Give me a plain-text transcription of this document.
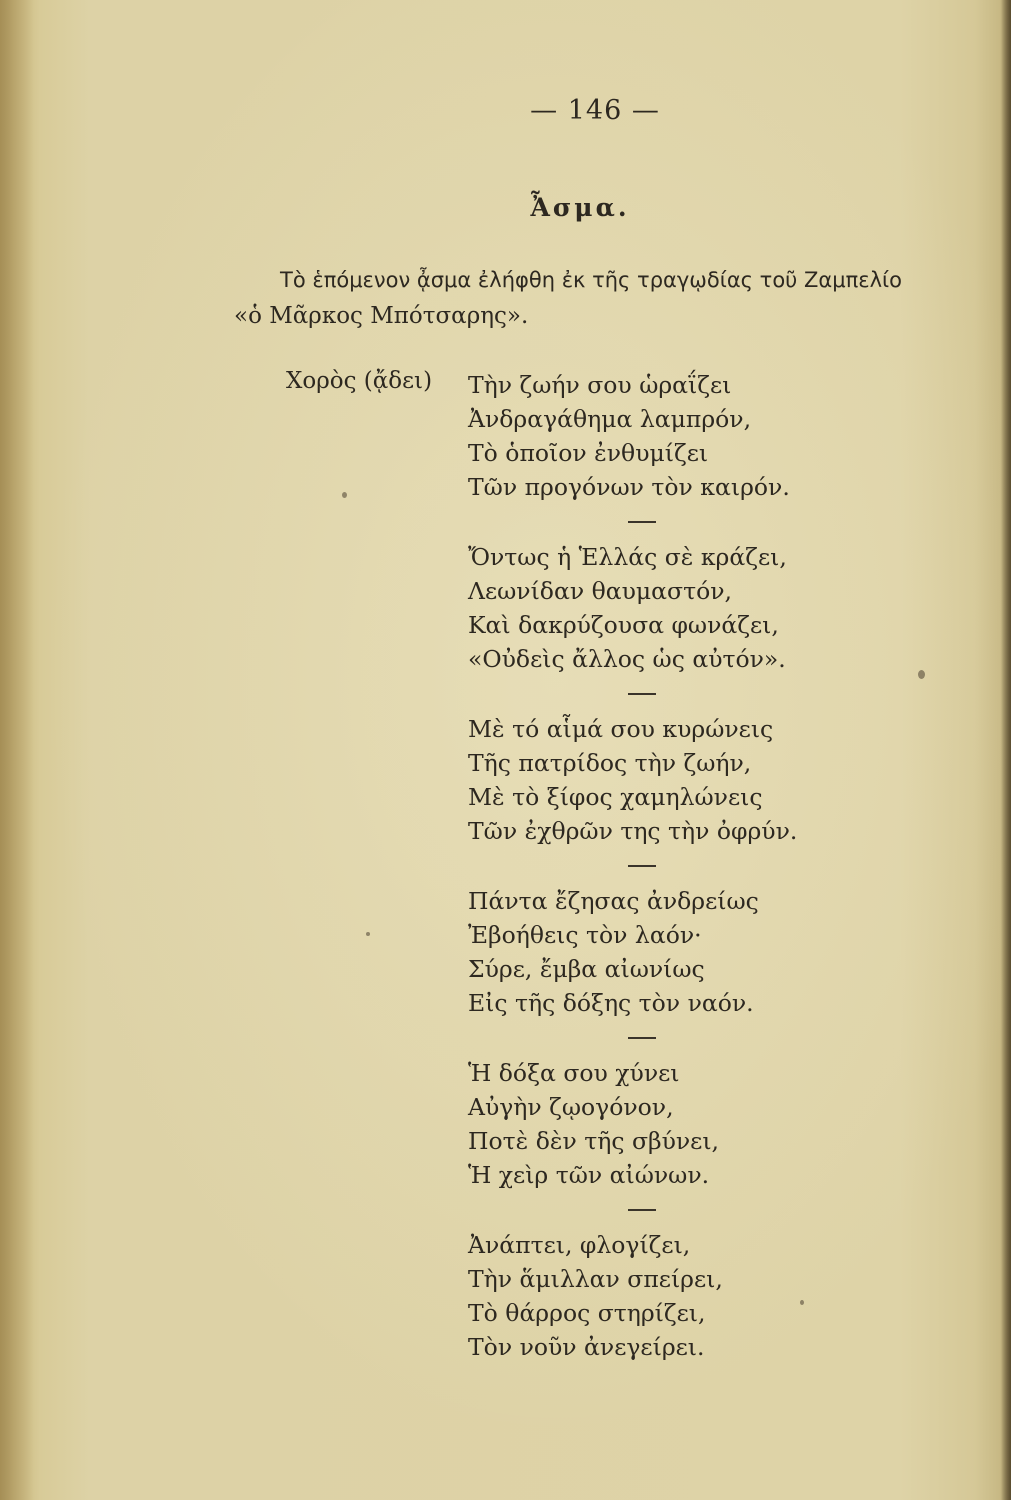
— 146 —
Ἆσμα.
Τὸ ἑπόμενον ᾆσμα ἐλήφθη ἐκ τῆς τραγῳδίας τοῦ Ζαμπελίο
«ὁ Μᾶρκος Μπότσαρης».
Χορὸς (ᾄδει) Τὴν ζωήν σου ὡραΐζει
Ἀνδραγάθημα λαμπρόν,
Τὸ ὁποῖον ἐνθυμίζει
Τῶν προγόνων τὸν καιρόν.
Ὄντως ἡ Ἑλλάς σὲ κράζει,
Λεωνίδαν θαυμαστόν,
Καὶ δακρύζουσα φωνάζει,
«Οὐδεὶς ἄλλος ὡς αὐτόν».
Μὲ τό αἷμά σου κυρώνεις
Τῆς πατρίδος τὴν ζωήν,
Μὲ τὸ ξίφος χαμηλώνεις
Τῶν ἐχθρῶν της τὴν ὀφρύν.
Πάντα ἔζησας ἀνδρείως
Ἐβοήθεις τὸν λαόν·
Σύρε, ἔμβα αἰωνίως
Εἰς τῆς δόξης τὸν ναόν.
Ἡ δόξα σου χύνει
Αὐγὴν ζῳογόνον,
Ποτὲ δὲν τῆς σβύνει,
Ἡ χεὶρ τῶν αἰώνων.
Ἀνάπτει, φλογίζει,
Τὴν ἅμιλλαν σπείρει,
Τὸ θάρρος στηρίζει,
Τὸν νοῦν ἀνεγείρει.
